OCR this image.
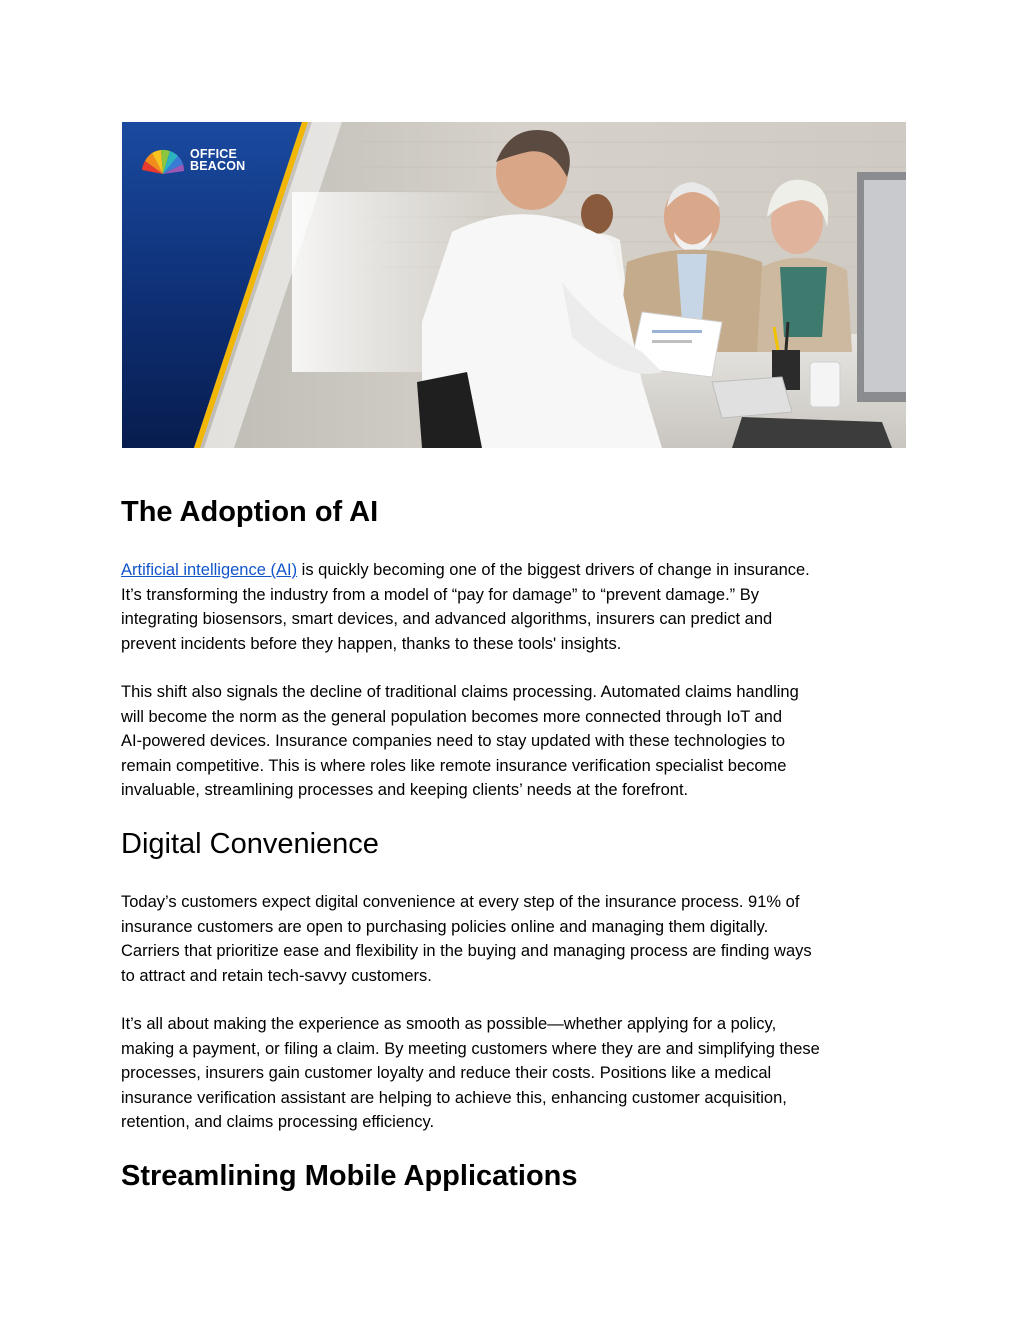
OFFICE
BEACON
The Adoption of AI

Artificial intelligence (AI) is quickly becoming one of the biggest drivers of change in insurance.
It’s transforming the industry from a model of “pay for damage” to “prevent damage.” By
integrating biosensors, smart devices, and advanced algorithms, insurers can predict and
prevent incidents before they happen, thanks to these tools' insights.

This shift also signals the decline of traditional claims processing. Automated claims handling
will become the norm as the general population becomes more connected through IoT and
AI-powered devices. Insurance companies need to stay updated with these technologies to
remain competitive. This is where roles like remote insurance verification specialist become
invaluable, streamlining processes and keeping clients’ needs at the forefront.

Digital Convenience

Today’s customers expect digital convenience at every step of the insurance process. 91% of
insurance customers are open to purchasing policies online and managing them digitally.
Carriers that prioritize ease and flexibility in the buying and managing process are finding ways
to attract and retain tech-savvy customers.

It’s all about making the experience as smooth as possible—whether applying for a policy,
making a payment, or filing a claim. By meeting customers where they are and simplifying these
processes, insurers gain customer loyalty and reduce their costs. Positions like a medical
insurance verification assistant are helping to achieve this, enhancing customer acquisition,
retention, and claims processing efficiency.

Streamlining Mobile Applications
